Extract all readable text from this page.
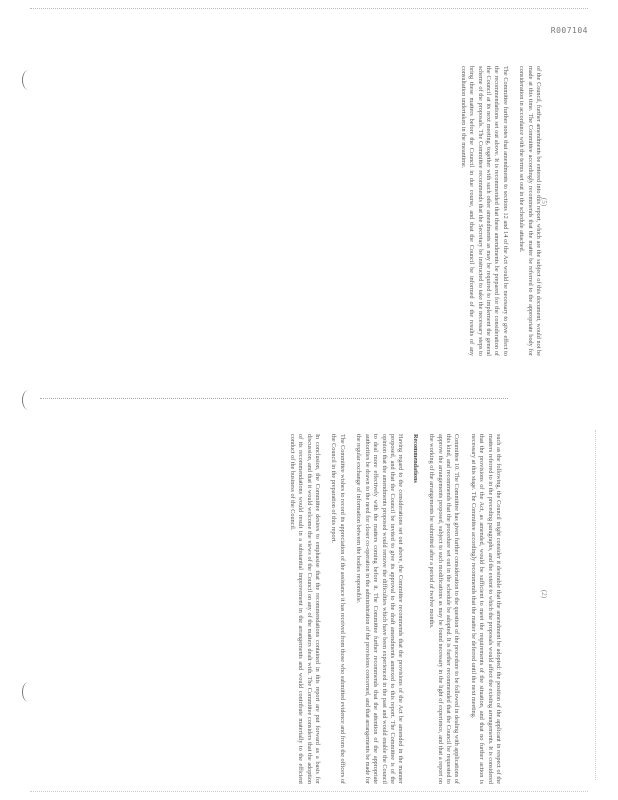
R007104

of the Council, further amendments be entered into this report, which are the subject of this document, would not be made at this time. The Committee accordingly recommends that the matter be referred to the appropriate body for consideration in accordance with the terms set out in the schedule attached.

The Committee further notes that amendments to sections 12 and 14 of the Act would be necessary to give effect to the recommendations set out above. It is recommended that these amendments be prepared for the consideration of the Council at its next meeting, together with such other amendments as may be required to implement the general scheme of the proposals. The Committee recommends that the Secretary be instructed to take the necessary steps to bring these matters before the Council in due course, and that the Council be informed of the results of any consultation undertaken in the meantime.

(5)

such as the following, the Council might consider it desirable that the amendment be adopted: the position of the applicant in respect of the matters referred to in the preceding paragraphs, and the extent to which the proposals would affect the existing arrangements. It is considered that the provisions of the Act, as amended, would be sufficient to meet the requirements of the situation, and that no further action is necessary at this stage. The Committee accordingly recommends that the matter be deferred until the next meeting.

Committee 10. The Committee has given further consideration to the question of the procedure to be followed in dealing with applications of this kind, and recommends that the procedure set out in the schedule be adopted. It is further recommended that the Council be requested to approve the arrangements proposed, subject to such modifications as may be found necessary in the light of experience, and that a report on the working of the arrangements be submitted after a period of twelve months.

Recommendations

Having regard to the considerations set out above, the Committee recommends that the provisions of the Act be amended in the manner proposed, and that the Council be invited to give its approval to the draft amendments annexed to this report. The Committee is of the opinion that the amendments proposed would remove the difficulties which have been experienced in the past and would enable the Council to deal more effectively with the matters coming before it. The Committee further recommends that the attention of the appropriate authorities be drawn to the need for closer co-operation in the administration of the provisions concerned, and that arrangements be made for the regular exchange of information between the bodies responsible.

The Committee wishes to record its appreciation of the assistance it has received from those who submitted evidence and from the officers of the Council in the preparation of this report.

In conclusion, the Committee desires to emphasise that the recommendations contained in this report are put forward as a basis for discussion, and that it would welcome the views of the Council on any of the matters dealt with. The Committee considers that the adoption of its recommendations would result in a substantial improvement in the arrangements and would contribute materially to the efficient conduct of the business of the Council.

(2)
